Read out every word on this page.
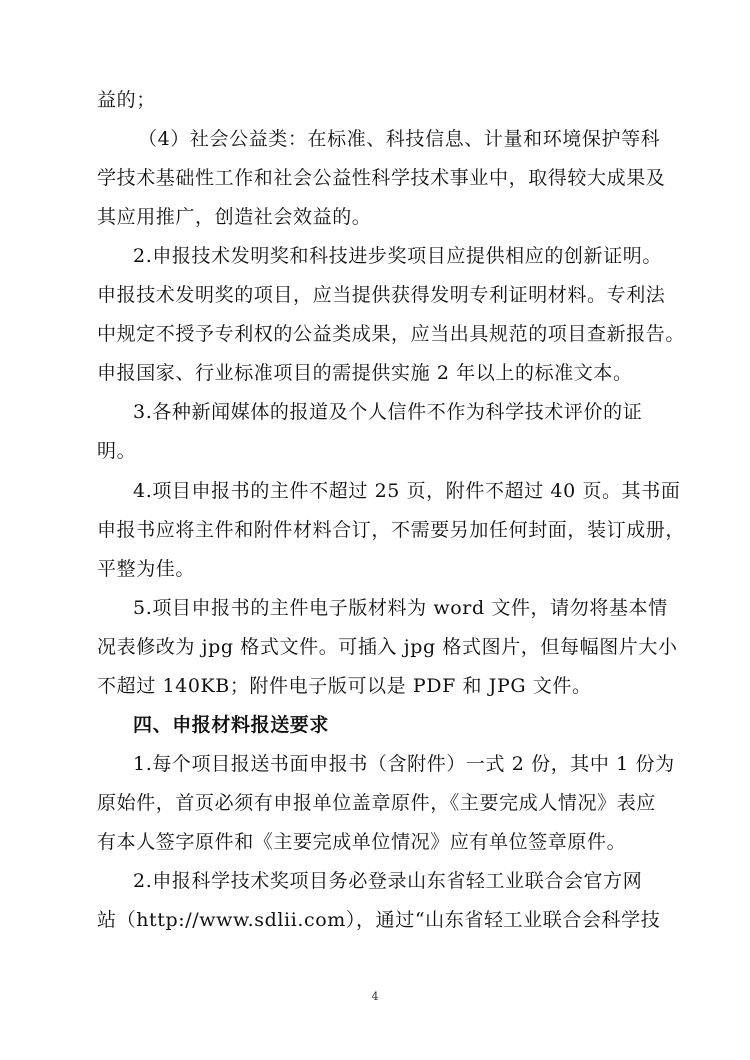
益的；
（4）社会公益类：在标准、科技信息、计量和环境保护等科
学技术基础性工作和社会公益性科学技术事业中，取得较大成果及
其应用推广，创造社会效益的。
2.申报技术发明奖和科技进步奖项目应提供相应的创新证明。
申报技术发明奖的项目，应当提供获得发明专利证明材料。专利法
中规定不授予专利权的公益类成果，应当出具规范的项目查新报告。
申报国家、行业标准项目的需提供实施 2 年以上的标准文本。
3.各种新闻媒体的报道及个人信件不作为科学技术评价的证
明。
4.项目申报书的主件不超过 25 页，附件不超过 40 页。其书面
申报书应将主件和附件材料合订，不需要另加任何封面，装订成册，
平整为佳。
5.项目申报书的主件电子版材料为 word 文件，请勿将基本情
况表修改为 jpg 格式文件。可插入 jpg 格式图片，但每幅图片大小
不超过 140KB；附件电子版可以是 PDF 和 JPG 文件。
四、申报材料报送要求
1.每个项目报送书面申报书（含附件）一式 2 份，其中 1 份为
原始件，首页必须有申报单位盖章原件，《主要完成人情况》表应
有本人签字原件和《主要完成单位情况》应有单位签章原件。
2.申报科学技术奖项目务必登录山东省轻工业联合会官方网
站（http://www.sdlii.com），通过“山东省轻工业联合会科学技
4
